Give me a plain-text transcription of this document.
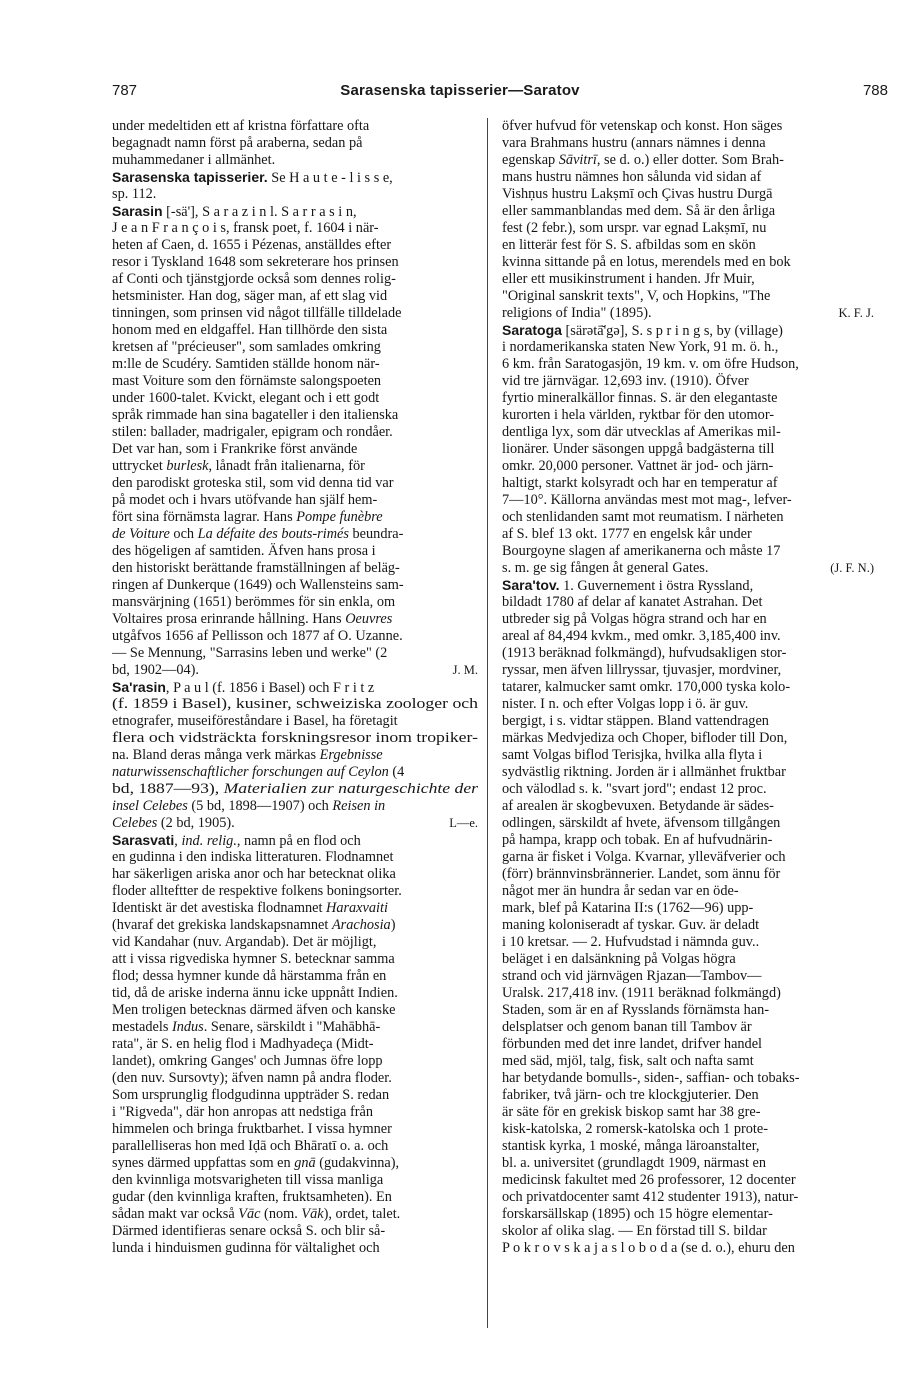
787	Sarasenska tapisserier—Saratov	788
under medeltiden ett af kristna författare ofta
begagnadt namn först på araberna, sedan på
muhammedaner i allmänhet.
Sarasenska tapisserier. Se H a u t e - l i s s e,
sp. 112.
Sarasin [-sä'], S a r a z i n l. S a r r a s i n,
J e a n F r a n ç o i s, fransk poet, f. 1604 i när-
heten af Caen, d. 1655 i Pézenas, anställdes efter
resor i Tyskland 1648 som sekreterare hos prinsen
af Conti och tjänstgjorde också som dennes rolig-
hetsminister. Han dog, säger man, af ett slag vid
tinningen, som prinsen vid något tillfälle tilldelade
honom med en eldgaffel. Han tillhörde den sista
kretsen af "précieuser", som samlades omkring
m:lle de Scudéry. Samtiden ställde honom när-
mast Voiture som den förnämste salongspoeten
under 1600-talet. Kvickt, elegant och i ett godt
språk rimmade han sina bagateller i den italienska
stilen: ballader, madrigaler, epigram och rondåer.
Det var han, som i Frankrike först använde
uttrycket burlesk, lånadt från italienarna, för
den parodiskt groteska stil, som vid denna tid var
på modet och i hvars utöfvande han själf hem-
fört sina förnämsta lagrar. Hans Pompe funèbre
de Voiture och La défaite des bouts-rimés beundra-
des högeligen af samtiden. Äfven hans prosa i
den historiskt berättande framställningen af beläg-
ringen af Dunkerque (1649) och Wallensteins sam-
mansvärjning (1651) berömmes för sin enkla, om
Voltaires prosa erinrande hållning. Hans Oeuvres
utgåfvos 1656 af Pellisson och 1877 af O. Uzanne.
— Se Mennung, "Sarrasins leben und werke" (2
bd, 1902—04).	J. M.
Sa'rasin, P a u l (f. 1856 i Basel) och F r i t z
(f. 1859 i Basel), kusiner, schweiziska zoologer och
etnografer, museiföreståndare i Basel, ha företagit
flera och vidsträckta forskningsresor inom tropiker-
na. Bland deras många verk märkas Ergebnisse
naturwissenschaftlicher forschungen auf Ceylon (4
bd, 1887—93), Materialien zur naturgeschichte der
insel Celebes (5 bd, 1898—1907) och Reisen in
Celebes (2 bd, 1905).	L—e.
Sarasvati, ind. relig., namn på en flod och
en gudinna i den indiska litteraturen. Flodnamnet
har säkerligen ariska anor och har betecknat olika
floder allteftter de respektive folkens boningsorter.
Identiskt är det avestiska flodnamnet Haraxvaiti
(hvaraf det grekiska landskapsnamnet Arachosia)
vid Kandahar (nuv. Argandab). Det är möjligt,
att i vissa rigvediska hymner S. betecknar samma
flod; dessa hymner kunde då härstamma från en
tid, då de ariske inderna ännu icke uppnått Indien.
Men troligen betecknas därmed äfven och kanske
mestadels Indus. Senare, särskildt i "Mahābhā-
rata", är S. en helig flod i Madhyadeça (Midt-
landet), omkring Ganges' och Jumnas öfre lopp
(den nuv. Sursovty); äfven namn på andra floder.
Som ursprunglig flodgudinna uppträder S. redan
i "Rigveda", där hon anropas att nedstiga från
himmelen och bringa fruktbarhet. I vissa hymner
parallelliseras hon med Iḍā och Bhāratī o. a. och
synes därmed uppfattas som en gnā (gudakvinna),
den kvinnliga motsvarigheten till vissa manliga
gudar (den kvinnliga kraften, fruktsamheten). En
sådan makt var också Vāc (nom. Vāk), ordet, talet.
Därmed identifieras senare också S. och blir så-
lunda i hinduismen gudinna för vältalighet och
öfver hufvud för vetenskap och konst. Hon säges
vara Brahmans hustru (annars nämnes i denna
egenskap Sāvitrī, se d. o.) eller dotter. Som Brah-
mans hustru nämnes hon sålunda vid sidan af
Vishṇus hustru Lakṣmī och Çivas hustru Durgā
eller sammanblandas med dem. Så är den årliga
fest (2 febr.), som urspr. var egnad Lakṣmī, nu
en litterär fest för S. S. afbildas som en skön
kvinna sittande på en lotus, merendels med en bok
eller ett musikinstrument i handen. Jfr Muir,
"Original sanskrit texts", V, och Hopkins, "The
religions of India" (1895).	K. F. J.
Saratoga [särətā̆'gə], S. s p r i n g s, by (village)
i nordamerikanska staten New York, 91 m. ö. h.,
6 km. från Saratogasjön, 19 km. v. om öfre Hudson,
vid tre järnvägar. 12,693 inv. (1910). Öfver
fyrtio mineralkällor finnas. S. är den elegantaste
kurorten i hela världen, ryktbar för den utomor-
dentliga lyx, som där utvecklas af Amerikas mil-
lionärer. Under säsongen uppgå badgästerna till
omkr. 20,000 personer. Vattnet är jod- och järn-
haltigt, starkt kolsyradt och har en temperatur af
7—10°. Källorna användas mest mot mag-, lefver-
och stenlidanden samt mot reumatism. I närheten
af S. blef 13 okt. 1777 en engelsk kår under
Bourgoyne slagen af amerikanerna och måste 17
s. m. ge sig fången åt general Gates.	(J. F. N.)
Sara'tov. 1. Guvernement i östra Ryssland,
bildadt 1780 af delar af kanatet Astrahan. Det
utbreder sig på Volgas högra strand och har en
areal af 84,494 kvkm., med omkr. 3,185,400 inv.
(1913 beräknad folkmängd), hufvudsakligen stor-
ryssar, men äfven lillryssar, tjuvasjer, mordviner,
tatarer, kalmucker samt omkr. 170,000 tyska kolo-
nister. I n. och efter Volgas lopp i ö. är guv.
bergigt, i s. vidtar stäppen. Bland vattendragen
märkas Medvjediza och Choper, bifloder till Don,
samt Volgas biflod Terisjka, hvilka alla flyta i
sydvästlig riktning. Jorden är i allmänhet fruktbar
och välodlad s. k. "svart jord"; endast 12 proc.
af arealen är skogbevuxen. Betydande är sädes-
odlingen, särskildt af hvete, äfvensom tillgången
på hampa, krapp och tobak. En af hufvudnärin-
garna är fisket i Volga. Kvarnar, ylleväfverier och
(förr) brännvinsbrännerier. Landet, som ännu för
något mer än hundra år sedan var en öde-
mark, blef på Katarina II:s (1762—96) upp-
maning koloniseradt af tyskar. Guv. är deladt
i 10 kretsar. — 2. Hufvudstad i nämnda guv..
beläget i en dalsänkning på Volgas högra
strand och vid järnvägen Rjazan—Tambov—
Uralsk. 217,418 inv. (1911 beräknad folkmängd)
Staden, som är en af Rysslands förnämsta han-
delsplatser och genom banan till Tambov är
förbunden med det inre landet, drifver handel
med säd, mjöl, talg, fisk, salt och nafta samt
har betydande bomulls-, siden-, saffian- och tobaks-
fabriker, två järn- och tre klockgjuterier. Den
är säte för en grekisk biskop samt har 38 gre-
kisk-katolska, 2 romersk-katolska och 1 prote-
stantisk kyrka, 1 moské, många läroanstalter,
bl. a. universitet (grundlagdt 1909, närmast en
medicinsk fakultet med 26 professorer, 12 docenter
och privatdocenter samt 412 studenter 1913), natur-
forskarsällskap (1895) och 15 högre elementar-
skolor af olika slag. — En förstad till S. bildar
P o k r o v s k a j a s l o b o d a (se d. o.), ehuru den
